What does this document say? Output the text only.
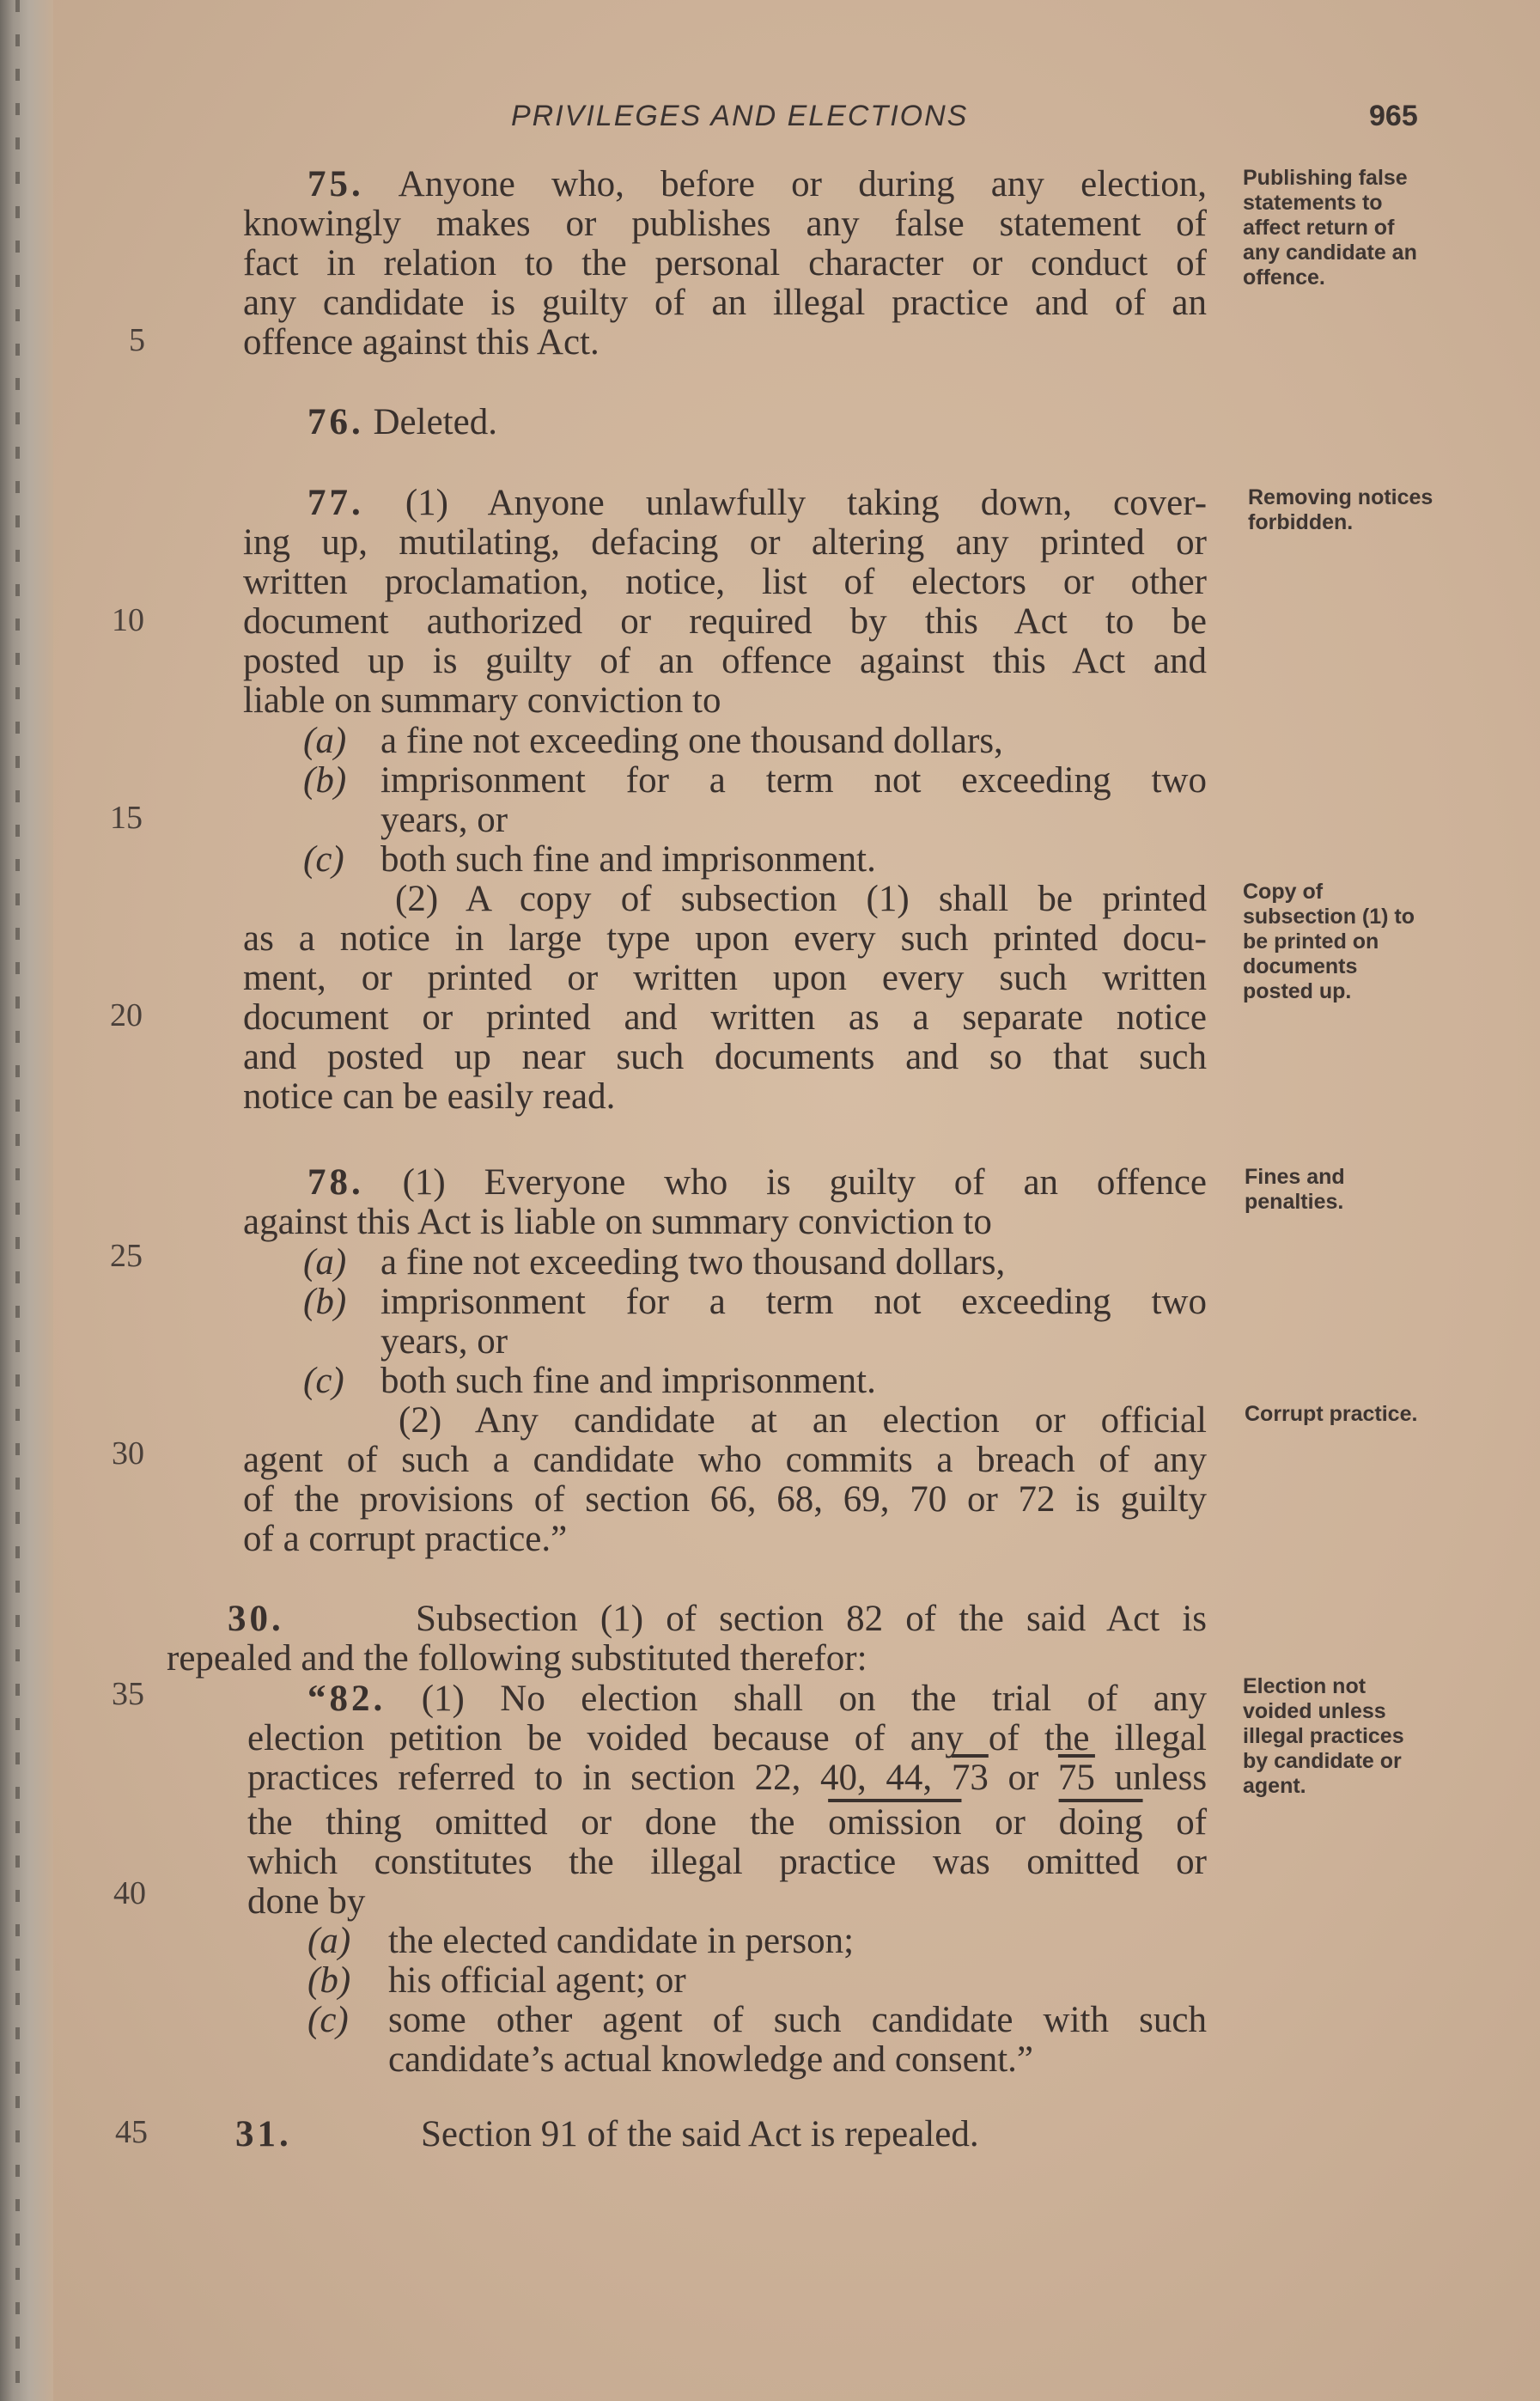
PRIVILEGES AND ELECTIONS	965
5
10
15
20
25
30
35
40
45
75. Anyone who, before or during any election,
knowingly makes or publishes any false statement of
fact in relation to the personal character or conduct of
any candidate is guilty of an illegal practice and of an
offence against this Act.
Publishing false statements to affect return of any candidate an offence.
76. Deleted.
77. (1) Anyone unlawfully taking down, cover-
ing up, mutilating, defacing or altering any printed or
written proclamation, notice, list of electors or other
document authorized or required by this Act to be
posted up is guilty of an offence against this Act and
liable on summary conviction to
(a) a fine not exceeding one thousand dollars,
(b) imprisonment for a term not exceeding two
years, or
(c) both such fine and imprisonment.
(2) A copy of subsection (1) shall be printed
as a notice in large type upon every such printed docu-
ment, or printed or written upon every such written
document or printed and written as a separate notice
and posted up near such documents and so that such
notice can be easily read.
Removing notices forbidden.
Copy of subsection (1) to be printed on documents posted up.
78. (1) Everyone who is guilty of an offence
against this Act is liable on summary conviction to
(a) a fine not exceeding two thousand dollars,
(b) imprisonment for a term not exceeding two
years, or
(c) both such fine and imprisonment.
(2) Any candidate at an election or official
agent of such a candidate who commits a breach of any
of the provisions of section 66, 68, 69, 70 or 72 is guilty
of a corrupt practice.”
Fines and penalties.
Corrupt practice.
30.	Subsection (1) of section 82 of the said Act is
repealed and the following substituted therefor:
“82. (1) No election shall on the trial of any
election petition be voided because of any of the illegal
practices referred to in section 22, 40, 44, 73 or 75 unless
the thing omitted or done the omission or doing of
which constitutes the illegal practice was omitted or
done by
(a) the elected candidate in person;
(b) his official agent; or
(c) some other agent of such candidate with such
candidate’s actual knowledge and consent.”
Election not voided unless illegal practices by candidate or agent.
31.	Section 91 of the said Act is repealed.
